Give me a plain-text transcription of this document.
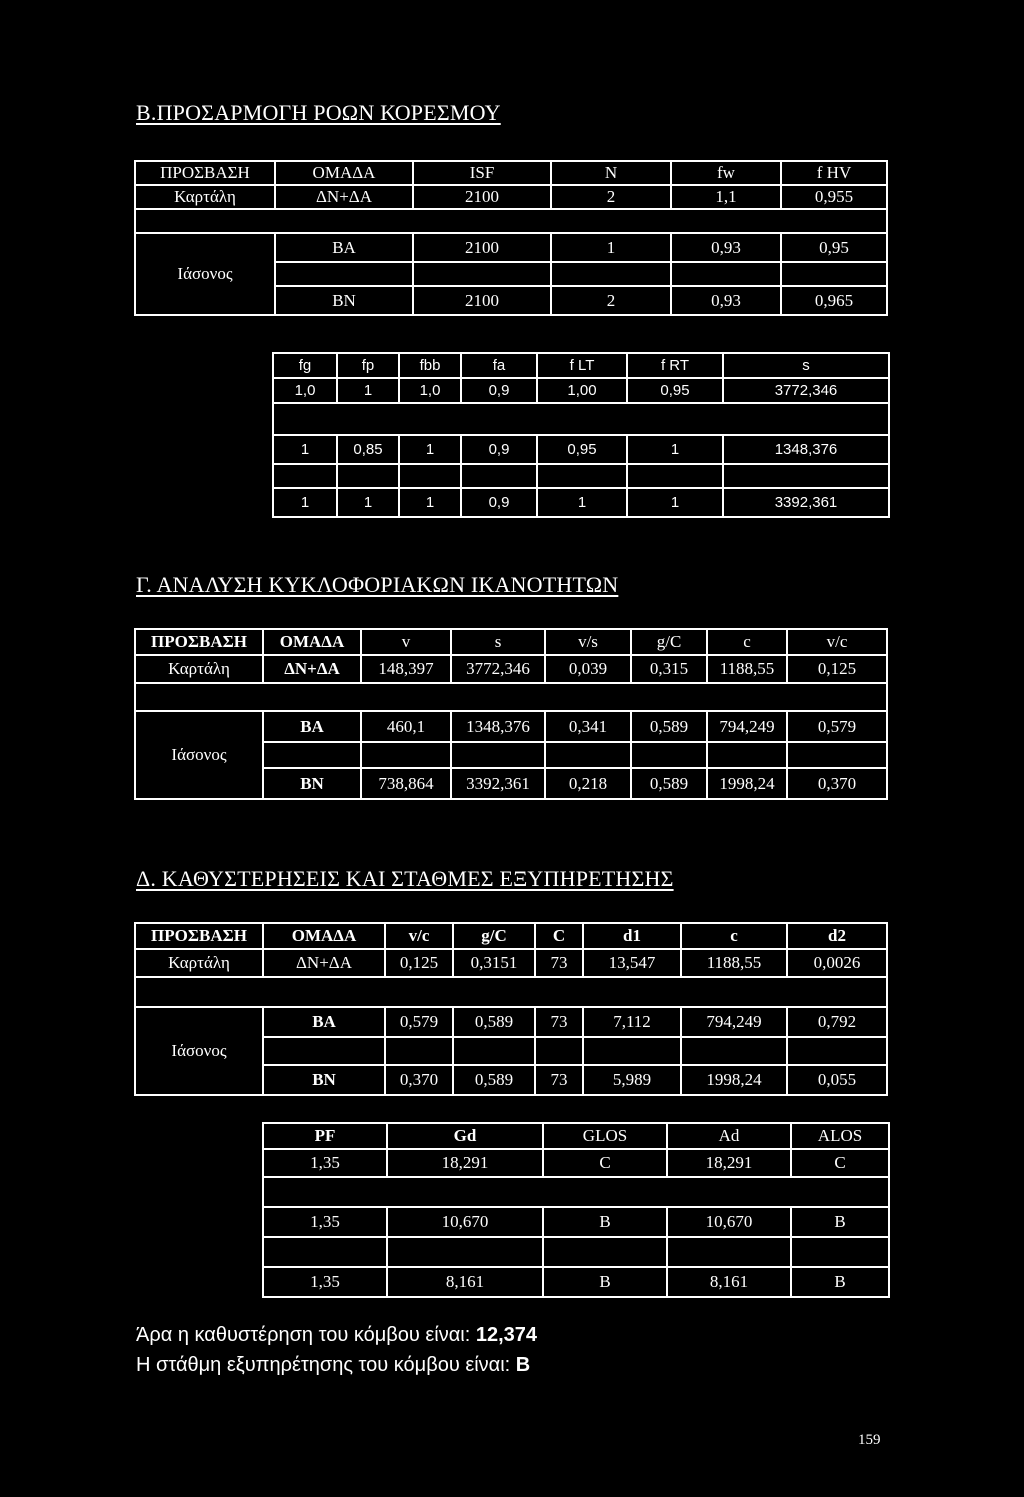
Β.ΠΡΟΣΑΡΜΟΓΗ ΡΟΩΝ ΚΟΡΕΣΜΟΥ
ΠΡΟΣΒΑΣΗ	ΟΜΑΔΑ	ISF	N	fw	f HV
Καρτάλη	ΔΝ+ΔΑ	2100	2	1,1	0,955

Ιάσονος	ΒΑ	2100	1	0,93	0,95

	ΒΝ	2100	2	0,93	0,965
fg	fp	fbb	fa	f LT	f RT	s
1,0	1	1,0	0,9	1,00	0,95	3772,346

1	0,85	1	0,9	0,95	1	1348,376

1	1	1	0,9	1	1	3392,361
Γ. ΑΝΑΛΥΣΗ ΚΥΚΛΟΦΟΡΙΑΚΩΝ ΙΚΑΝΟΤΗΤΩΝ
ΠΡΟΣΒΑΣΗ	ΟΜΑΔΑ	v	s	v/s	g/C	c	v/c
Καρτάλη	ΔΝ+ΔΑ	148,397	3772,346	0,039	0,315	1188,55	0,125

Ιάσονος	ΒΑ	460,1	1348,376	0,341	0,589	794,249	0,579

	ΒΝ	738,864	3392,361	0,218	0,589	1998,24	0,370
Δ. ΚΑΘΥΣΤΕΡΗΣΕΙΣ ΚΑΙ ΣΤΑΘΜΕΣ ΕΞΥΠΗΡΕΤΗΣΗΣ
ΠΡΟΣΒΑΣΗ	ΟΜΑΔΑ	v/c	g/C	C	d1	c	d2
Καρτάλη	ΔΝ+ΔΑ	0,125	0,3151	73	13,547	1188,55	0,0026

Ιάσονος	ΒΑ	0,579	0,589	73	7,112	794,249	0,792

	ΒΝ	0,370	0,589	73	5,989	1998,24	0,055
PF	Gd	GLOS	Ad	ALOS
1,35	18,291	C	18,291	C

1,35	10,670	B	10,670	B

1,35	8,161	B	8,161	B
Άρα η καθυστέρηση του κόμβου είναι: 12,374
Η στάθμη εξυπηρέτησης του κόμβου είναι: B
159
